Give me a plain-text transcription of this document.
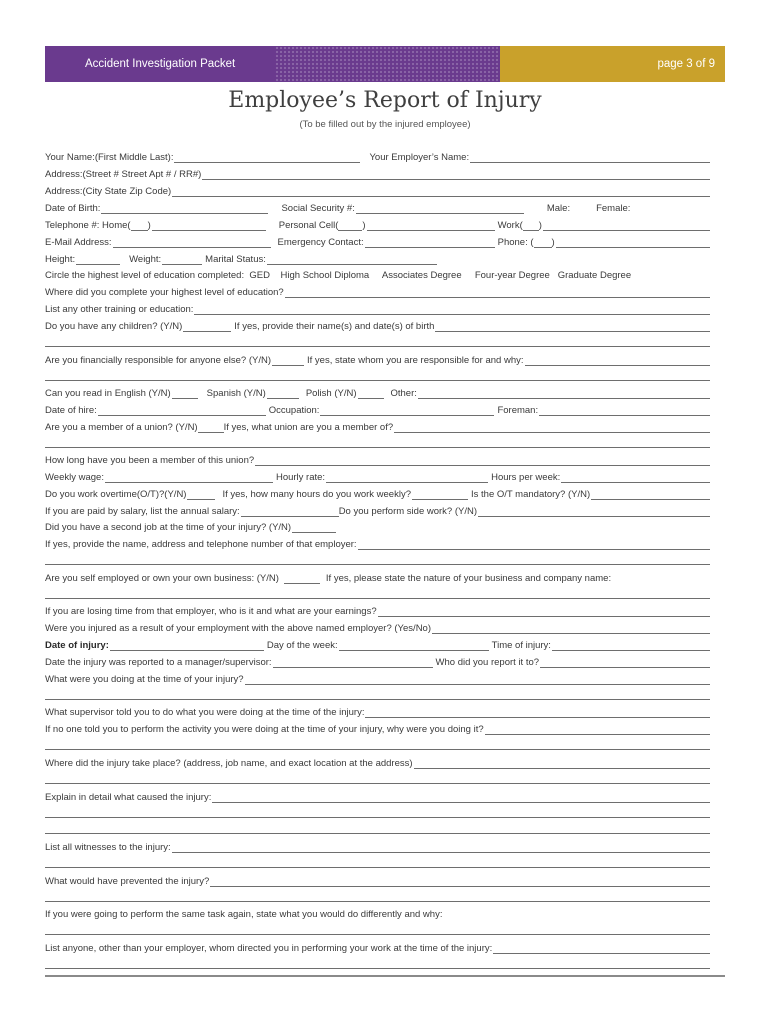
Accident Investigation Packet	page 3 of 9
Employee’s Report of Injury
(To be filled out by the injured employee)
Your Name:(First Middle Last):	Your Employer’s Name:
Address:(Street # Street Apt # / RR#)
Address:(City State Zip Code)
Date of Birth:	Social Security #:	Male:	Female:
Telephone #: Home( )	Personal Cell(	)	Work( )
E-Mail Address:	Emergency Contact:	Phone: ( )
Height:	Weight:	Marital Status:
Circle the highest level of education completed:  GED    High School Diploma     Associates Degree     Four-year Degree   Graduate Degree
Where did you complete your highest level of education?
List any other training or education:
Do you have any children? (Y/N)	If yes, provide their name(s) and date(s) of birth
Are you financially responsible for anyone else? (Y/N)	If yes, state whom you are responsible for and why:
Can you read in English (Y/N)	Spanish (Y/N)	Polish (Y/N)	Other:
Date of hire:	Occupation:	Foreman:
Are you a member of a union? (Y/N)	If yes, what union are you a member of?
How long have you been a member of this union?
Weekly wage:	Hourly rate:	Hours per week:
Do you work overtime(O/T)?(Y/N)	If yes, how many hours do you work weekly?	Is the O/T mandatory? (Y/N)
If you are paid by salary, list the annual salary:	Do you perform side work? (Y/N)
Did you have a second job at the time of your injury? (Y/N)
If yes, provide the name, address and telephone number of that employer:
Are you self employed or own your own business: (Y/N)	If yes, please state the nature of your business and company name:
If you are losing time from that employer, who is it and what are your earnings?
Were you injured as a result of your employment with the above named employer? (Yes/No)
Date of injury:	Day of the week:	Time of injury:
Date the injury was reported to a manager/supervisor:	Who did you report it to?
What were you doing at the time of your injury?
What supervisor told you to do what you were doing at the time of the injury:
If no one told you to perform the activity you were doing at the time of your injury, why were you doing it?
Where did the injury take place? (address, job name, and exact location at the address)
Explain in detail what caused the injury:
List all witnesses to the injury:
What would have prevented the injury?
If you were going to perform the same task again, state what you would do differently and why:
List anyone, other than your employer, whom directed you in performing your work at the time of the injury:
